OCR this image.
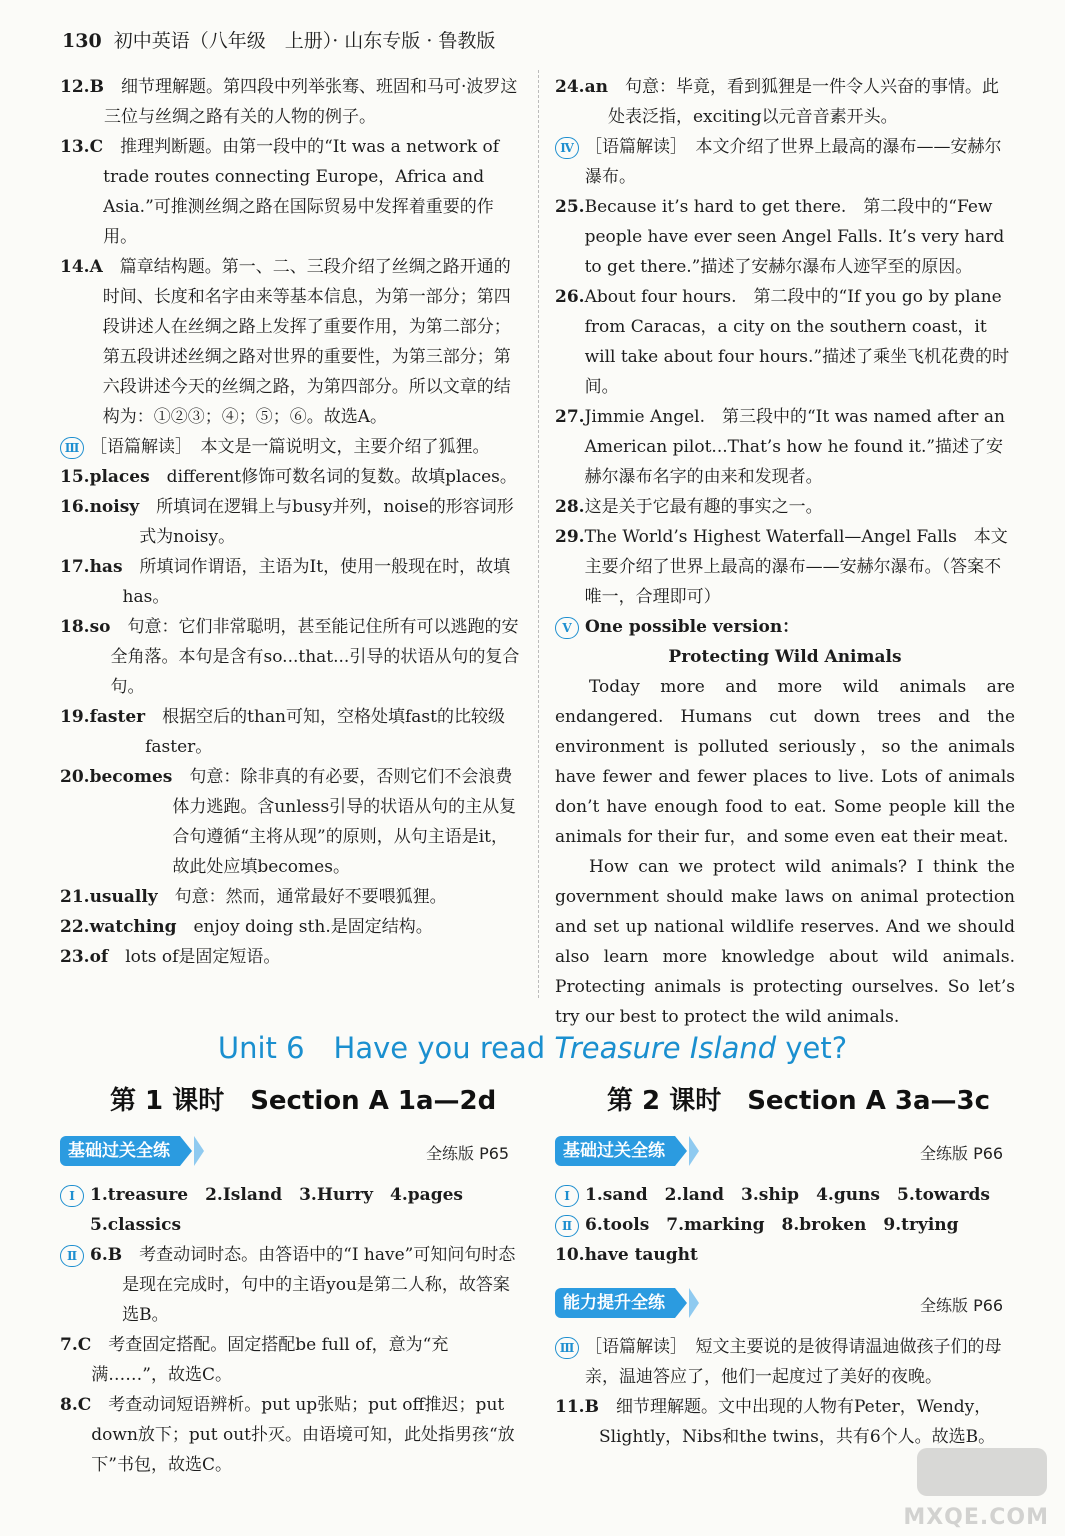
130 初中英语（八年级　上册）· 山东专版 · 鲁教版
12.B 　细节理解题。第四段中列举张骞、班固和马可·波罗这三位与丝绸之路有关的人物的例子。
13.C 　推理判断题。由第一段中的“It was a network of trade routes connecting Europe，Africa and Asia.”可推测丝绸之路在国际贸易中发挥着重要的作用。
14.A 　篇章结构题。第一、二、三段介绍了丝绸之路开通的时间、长度和名字由来等基本信息，为第一部分；第四段讲述人在丝绸之路上发挥了重要作用，为第二部分；第五段讲述丝绸之路对世界的重要性，为第三部分；第六段讲述今天的丝绸之路，为第四部分。所以文章的结构为：①②③；④；⑤；⑥。故选A。
Ⅲ ［语篇解读］　本文是一篇说明文，主要介绍了狐狸。
15.places 　different修饰可数名词的复数。故填places。
16.noisy 　所填词在逻辑上与busy并列，noise的形容词形式为noisy。
17.has 　所填词作谓语，主语为It，使用一般现在时，故填has。
18.so 　句意：它们非常聪明，甚至能记住所有可以逃跑的安全角落。本句是含有so...that...引导的状语从句的复合句。
19.faster 　根据空后的than可知，空格处填fast的比较级faster。
20.becomes 　句意：除非真的有必要，否则它们不会浪费体力逃跑。含unless引导的状语从句的主从复合句遵循“主将从现”的原则，从句主语是it，故此处应填becomes。
21.usually 　句意：然而，通常最好不要喂狐狸。
22.watching 　enjoy doing sth.是固定结构。
23.of 　lots of是固定短语。
24.an 　句意：毕竟，看到狐狸是一件令人兴奋的事情。此处表泛指，exciting以元音音素开头。
Ⅳ ［语篇解读］　本文介绍了世界上最高的瀑布——安赫尔瀑布。
25. Because it’s hard to get there.　第二段中的“Few people have ever seen Angel Falls. It’s very hard to get there.”描述了安赫尔瀑布人迹罕至的原因。
26. About four hours.　第二段中的“If you go by plane from Caracas，a city on the southern coast，it will take about four hours.”描述了乘坐飞机花费的时间。
27. Jimmie Angel.　第三段中的“It was named after an American pilot...That’s how he found it.”描述了安赫尔瀑布名字的由来和发现者。
28. 这是关于它最有趣的事实之一。
29. The World’s Highest Waterfall—Angel Falls　本文主要介绍了世界上最高的瀑布——安赫尔瀑布。（答案不唯一，合理即可）
Ⅴ One possible version：
Protecting Wild Animals
Today more and more wild animals are endangered. Humans cut down trees and the environment is polluted seriously，so the animals have fewer and fewer places to live. Lots of animals don’t have enough food to eat. Some people kill the animals for their fur，and some even eat their meat.
How can we protect wild animals? I think the government should make laws on animal protection and set up national wildlife reserves. And we should also learn more knowledge about wild animals. Protecting animals is protecting ourselves. So let’s try our best to protect the wild animals.
Unit 6　Have you read Treasure Island yet?
第 1 课时　Section A 1a—2d
基础过关全练	全练版 P65
Ⅰ 1.treasure　2.Island　3.Hurry　4.pages　5.classics
Ⅱ 6.B 　考查动词时态。由答语中的“I have”可知问句时态是现在完成时，句中的主语you是第二人称，故答案选B。
7.C 　考查固定搭配。固定搭配be full of，意为“充满……”，故选C。
8.C 　考查动词短语辨析。put up张贴；put off推迟；put down放下；put out扑灭。由语境可知，此处指男孩“放下”书包，故选C。
第 2 课时　Section A 3a—3c
基础过关全练	全练版 P66
Ⅰ 1.sand　2.land　3.ship　4.guns　5.towards
Ⅱ 6.tools　7.marking　8.broken　9.trying
10.have taught
能力提升全练	全练版 P66
Ⅲ ［语篇解读］　短文主要说的是彼得请温迪做孩子们的母亲，温迪答应了，他们一起度过了美好的夜晚。
11.B 　细节理解题。文中出现的人物有Peter，Wendy，Slightly，Nibs和the twins，共有6个人。故选B。
MXQE.COM
